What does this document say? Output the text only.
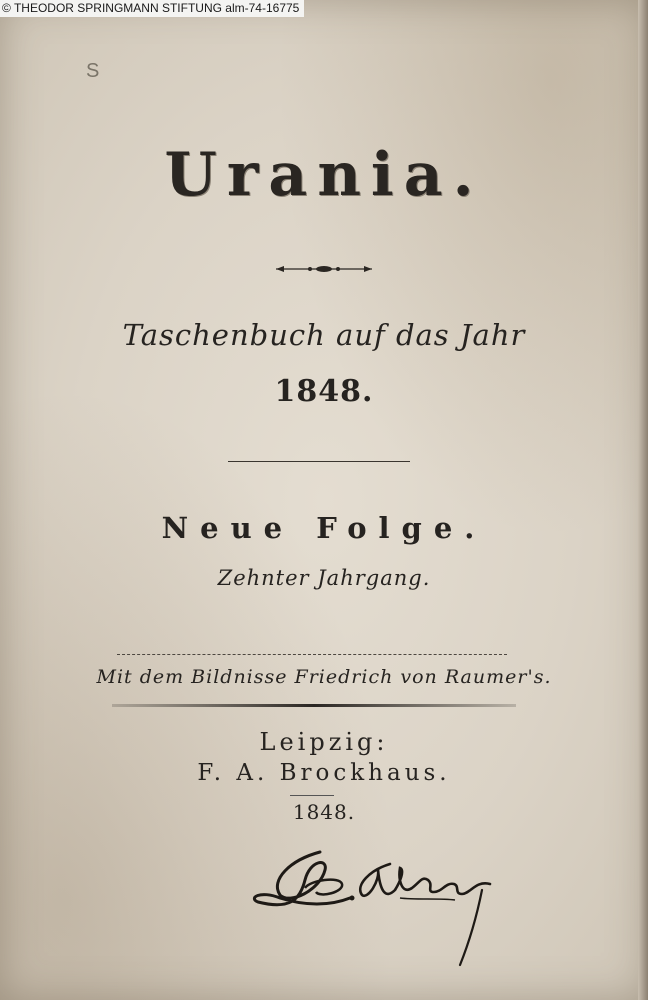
© THEODOR SPRINGMANN STIFTUNG alm-74-16775
S
Urania.
Taschenbuch auf das Jahr
1848.
Neue Folge.
Zehnter Jahrgang.
Mit dem Bildnisse Friedrich von Raumer's.
Leipzig:
F. A. Brockhaus.
1848.
